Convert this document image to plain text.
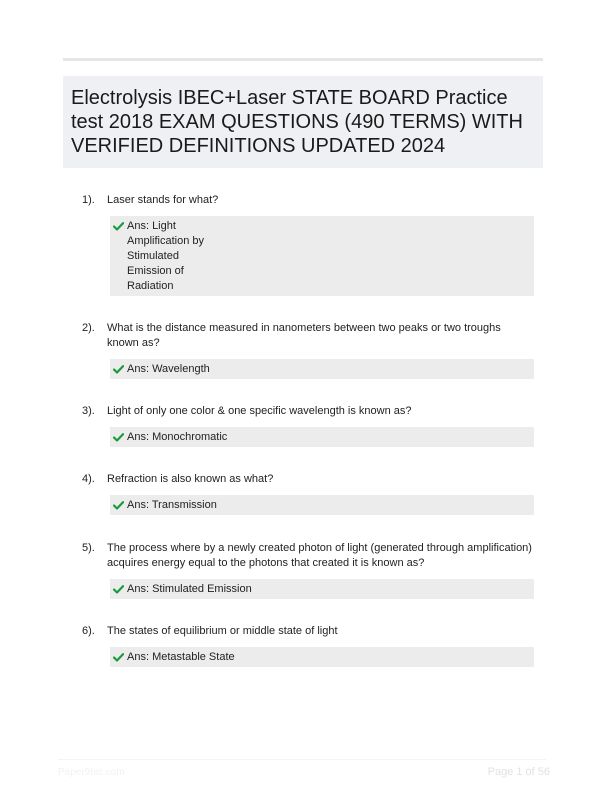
Electrolysis IBEC+Laser STATE BOARD Practice test 2018 EXAM QUESTIONS (490 TERMS) WITH VERIFIED DEFINITIONS UPDATED 2024
1).	Laser stands for what?
Ans: Light Amplification by Stimulated Emission of Radiation
2).	What is the distance measured in nanometers between two peaks or two troughs known as?
Ans: Wavelength
3).	Light of only one color & one specific wavelength is known as?
Ans: Monochromatic
4).	Refraction is also known as what?
Ans: Transmission
5).	The process where by a newly created photon of light (generated through amplification) acquires energy equal to the photons that created it is known as?
Ans: Stimulated Emission
6).	The states of equilibrium or middle state of light
Ans: Metastable State
Paper9bic.com	Page 1 of 56
